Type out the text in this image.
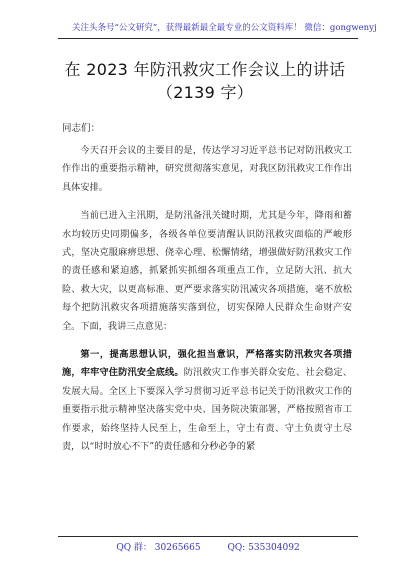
关注头条号“公文研究”，获得最新最全最专业的公文资料库！ 微信：gongwenyj
在 2023 年防汛救灾工作会议上的讲话
（2139 字）
同志们：

今天召开会议的主要目的是，传达学习习近平总书记对防汛救灾工作作出的重要指示精神，研究贯彻落实意见，对我区防汛救灾工作作出具体安排。

当前已进入主汛期，是防汛备汛关键时期，尤其是今年，降雨和蓄水均较历史同期偏多，各级各单位要清醒认识防汛救灾面临的严峻形式，坚决克服麻痹思想、侥幸心理、松懈情绪，增强做好防汛救灾工作的责任感和紧迫感，抓紧抓实抓细各项重点工作，立足防大汛、抗大险、救大灾，以更高标准、更严要求落实防汛减灾各项措施，毫不放松每个把防汛救灾各项措施落实落到位，切实保障人民群众生命财产安全。下面，我讲三点意见：

第一，提高思想认识，强化担当意识，严格落实防汛救灾各项措施，牢牢守住防汛安全底线。防汛救灾工作事关群众安危、社会稳定、发展大局。全区上下要深入学习贯彻习近平总书记关于防汛救灾工作的重要指示批示精神坚决落实党中央、国务院决策部署，严格按照省市工作要求，始终坚持人民至上，生命至上，守土有责、守土负责守土尽责，以“时时放心不下”的责任感和分秒必争的紧

QQ 群： 30265665	QQ: 535304092
